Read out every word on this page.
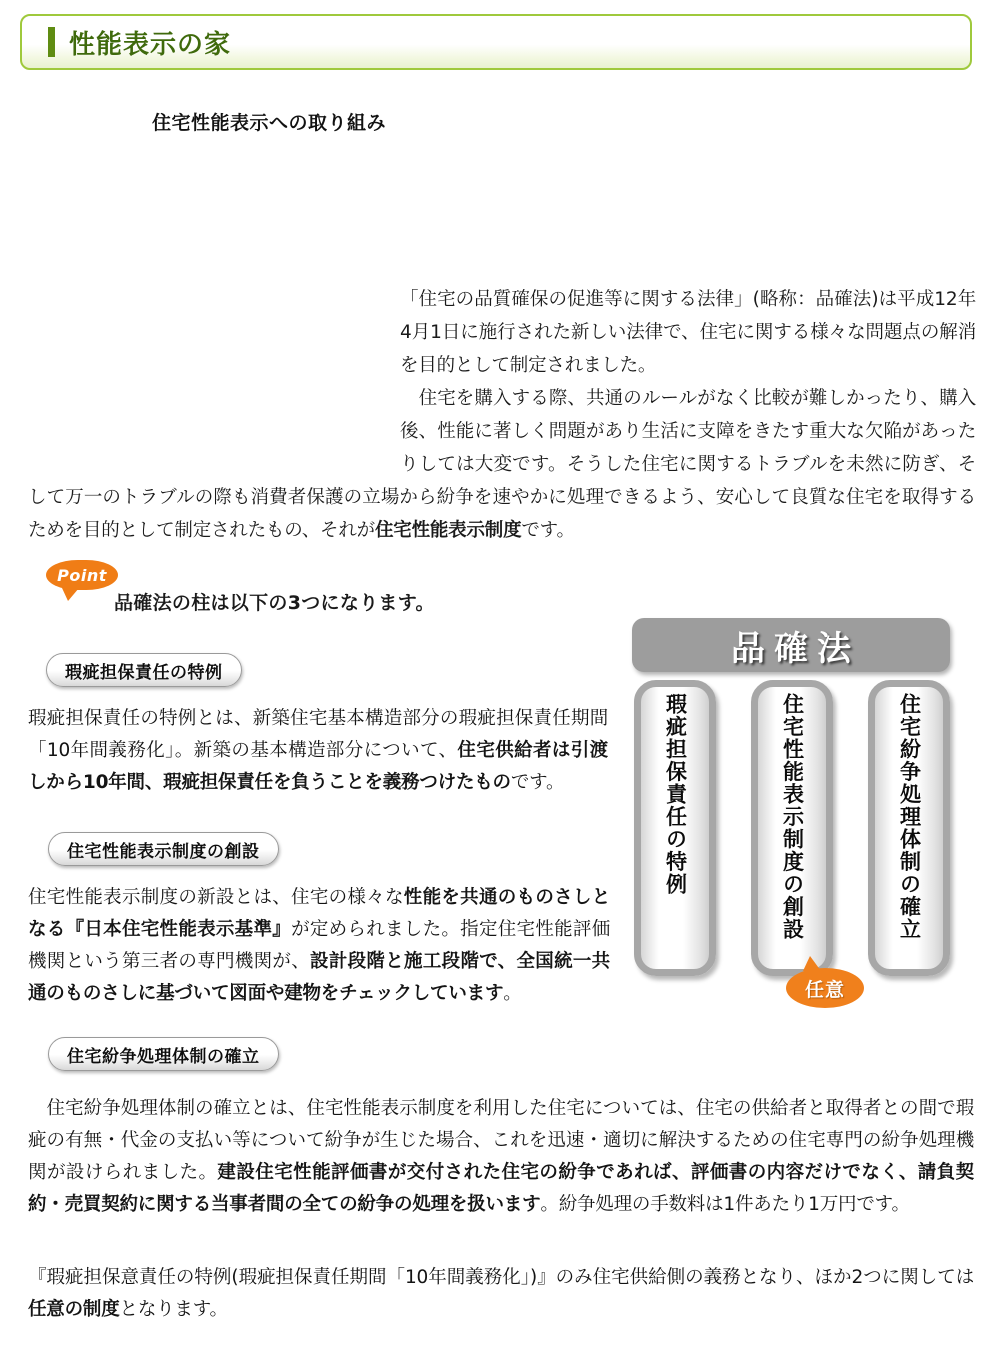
性能表示の家
住宅性能表示への取り組み
「住宅の品質確保の促進等に関する法律」(略称：品確法)は平成12年4月1日に施行された新しい法律で、住宅に関する様々な問題点の解消を目的として制定されました。
　住宅を購入する際、共通のルールがなく比較が難しかったり、購入後、性能に著しく問題があり生活に支障をきたす重大な欠陥があったりしては大変です。そうした住宅に関するトラブルを未然に防ぎ、そして万一のトラブルの際も消費者保護の立場から紛争を速やかに処理できるよう、安心して良質な住宅を取得するためを目的として制定されたもの、それが住宅性能表示制度です。
Point
品確法の柱は以下の3つになります。
瑕疵担保責任の特例
瑕疵担保責任の特例とは、新築住宅基本構造部分の瑕疵担保責任期間「10年間義務化」。新築の基本構造部分について、住宅供給者は引渡しから10年間、瑕疵担保責任を負うことを義務つけたものです。
住宅性能表示制度の創設
住宅性能表示制度の新設とは、住宅の様々な性能を共通のものさしとなる『日本住宅性能表示基準』が定められました。指定住宅性能評価機関という第三者の専門機関が、設計段階と施工段階で、全国統一共通のものさしに基づいて図面や建物をチェックしています。
住宅紛争処理体制の確立
　住宅紛争処理体制の確立とは、住宅性能表示制度を利用した住宅については、住宅の供給者と取得者との間で瑕疵の有無・代金の支払い等について紛争が生じた場合、これを迅速・適切に解決するための住宅専門の紛争処理機関が設けられました。建設住宅性能評価書が交付された住宅の紛争であれば、評価書の内容だけでなく、請負契約・売買契約に関する当事者間の全ての紛争の処理を扱います。紛争処理の手数料は1件あたり1万円です。
『瑕疵担保意責任の特例(瑕疵担保責任期間「10年間義務化」)』のみ住宅供給側の義務となり、ほか2つに関しては任意の制度となります。
品確法
瑕疵担保責任の特例	住宅性能表示制度の創設	住宅紛争処理体制の確立
任意
